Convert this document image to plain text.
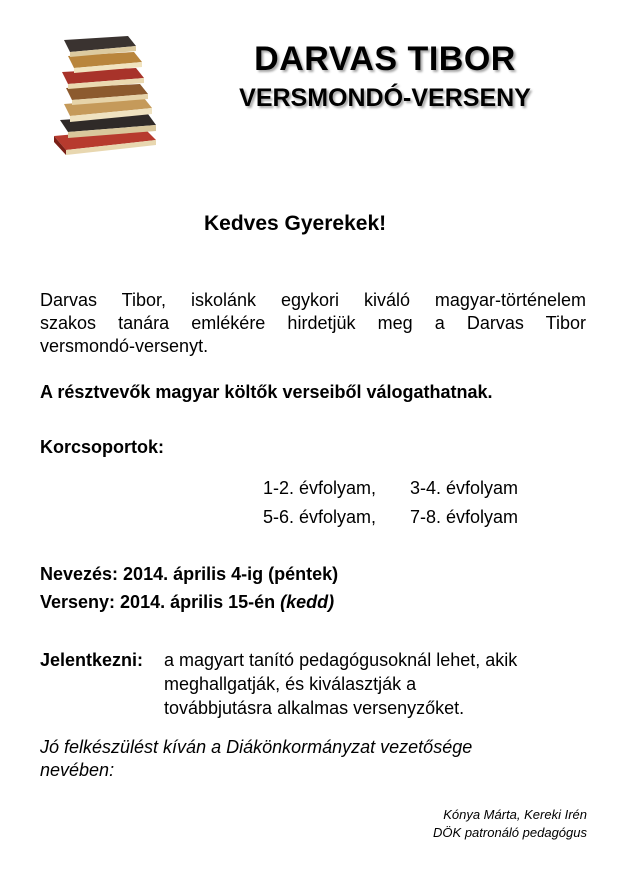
DARVAS TIBOR
VERSMONDÓ-VERSENY
Kedves Gyerekek!
Darvas Tibor, iskolánk egykori kiváló magyar-történelem
szakos tanára emlékére hirdetjük meg a Darvas Tibor
versmondó-versenyt.
A résztvevők magyar költők verseiből válogathatnak.
Korcsoportok:
1-2. évfolyam,	3-4. évfolyam
5-6. évfolyam,	7-8. évfolyam
Nevezés: 2014. április 4-ig (péntek)
Verseny: 2014. április 15-én (kedd)
Jelentkezni:	a magyart tanító pedagógusoknál lehet, akik
meghallgatják, és kiválasztják a
továbbjutásra alkalmas versenyzőket.
Jó felkészülést kíván a Diákönkormányzat vezetősége
nevében:
Kónya Márta, Kereki Irén
DÖK patronáló pedagógus
